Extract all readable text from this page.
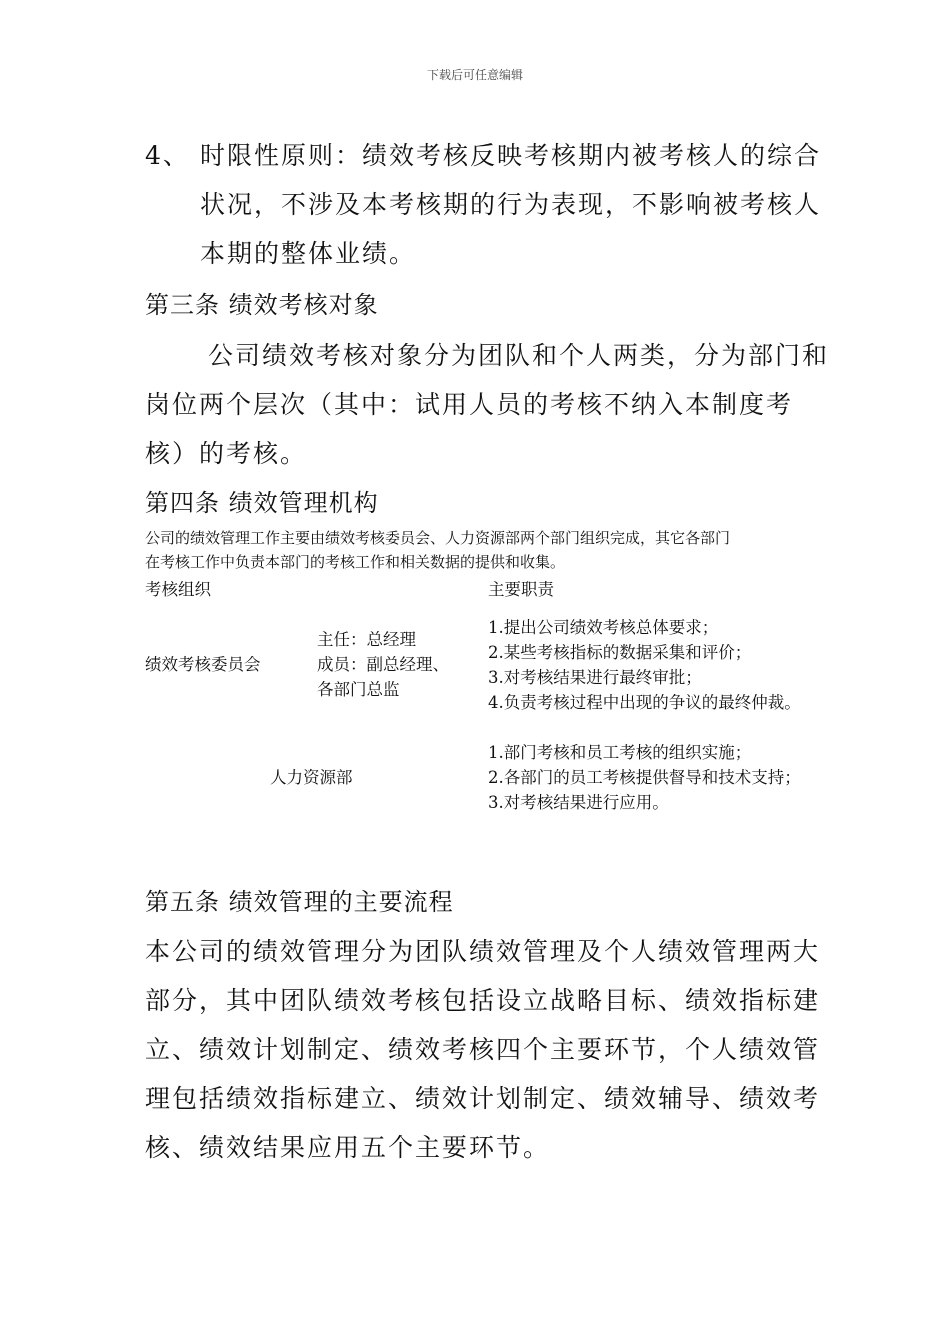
下载后可任意编辑
4、 时限性原则：绩效考核反映考核期内被考核人的综合
状况，不涉及本考核期的行为表现，不影响被考核人
本期的整体业绩。
第三条 绩效考核对象
公司绩效考核对象分为团队和个人两类，分为部门和
岗位两个层次（其中：试用人员的考核不纳入本制度考
核）的考核。
第四条 绩效管理机构
公司的绩效管理工作主要由绩效考核委员会、人力资源部两个部门组织完成，其它各部门
在考核工作中负责本部门的考核工作和相关数据的提供和收集。
考核组织	主要职责
绩效考核委员会
主任：总经理
成员：副总经理、
各部门总监
1.提出公司绩效考核总体要求；
2.某些考核指标的数据采集和评价；
3.对考核结果进行最终审批；
4.负责考核过程中出现的争议的最终仲裁。
人力资源部
1.部门考核和员工考核的组织实施；
2.各部门的员工考核提供督导和技术支持；
3.对考核结果进行应用。
第五条 绩效管理的主要流程
本公司的绩效管理分为团队绩效管理及个人绩效管理两大
部分，其中团队绩效考核包括设立战略目标、绩效指标建
立、绩效计划制定、绩效考核四个主要环节，个人绩效管
理包括绩效指标建立、绩效计划制定、绩效辅导、绩效考
核、绩效结果应用五个主要环节。
